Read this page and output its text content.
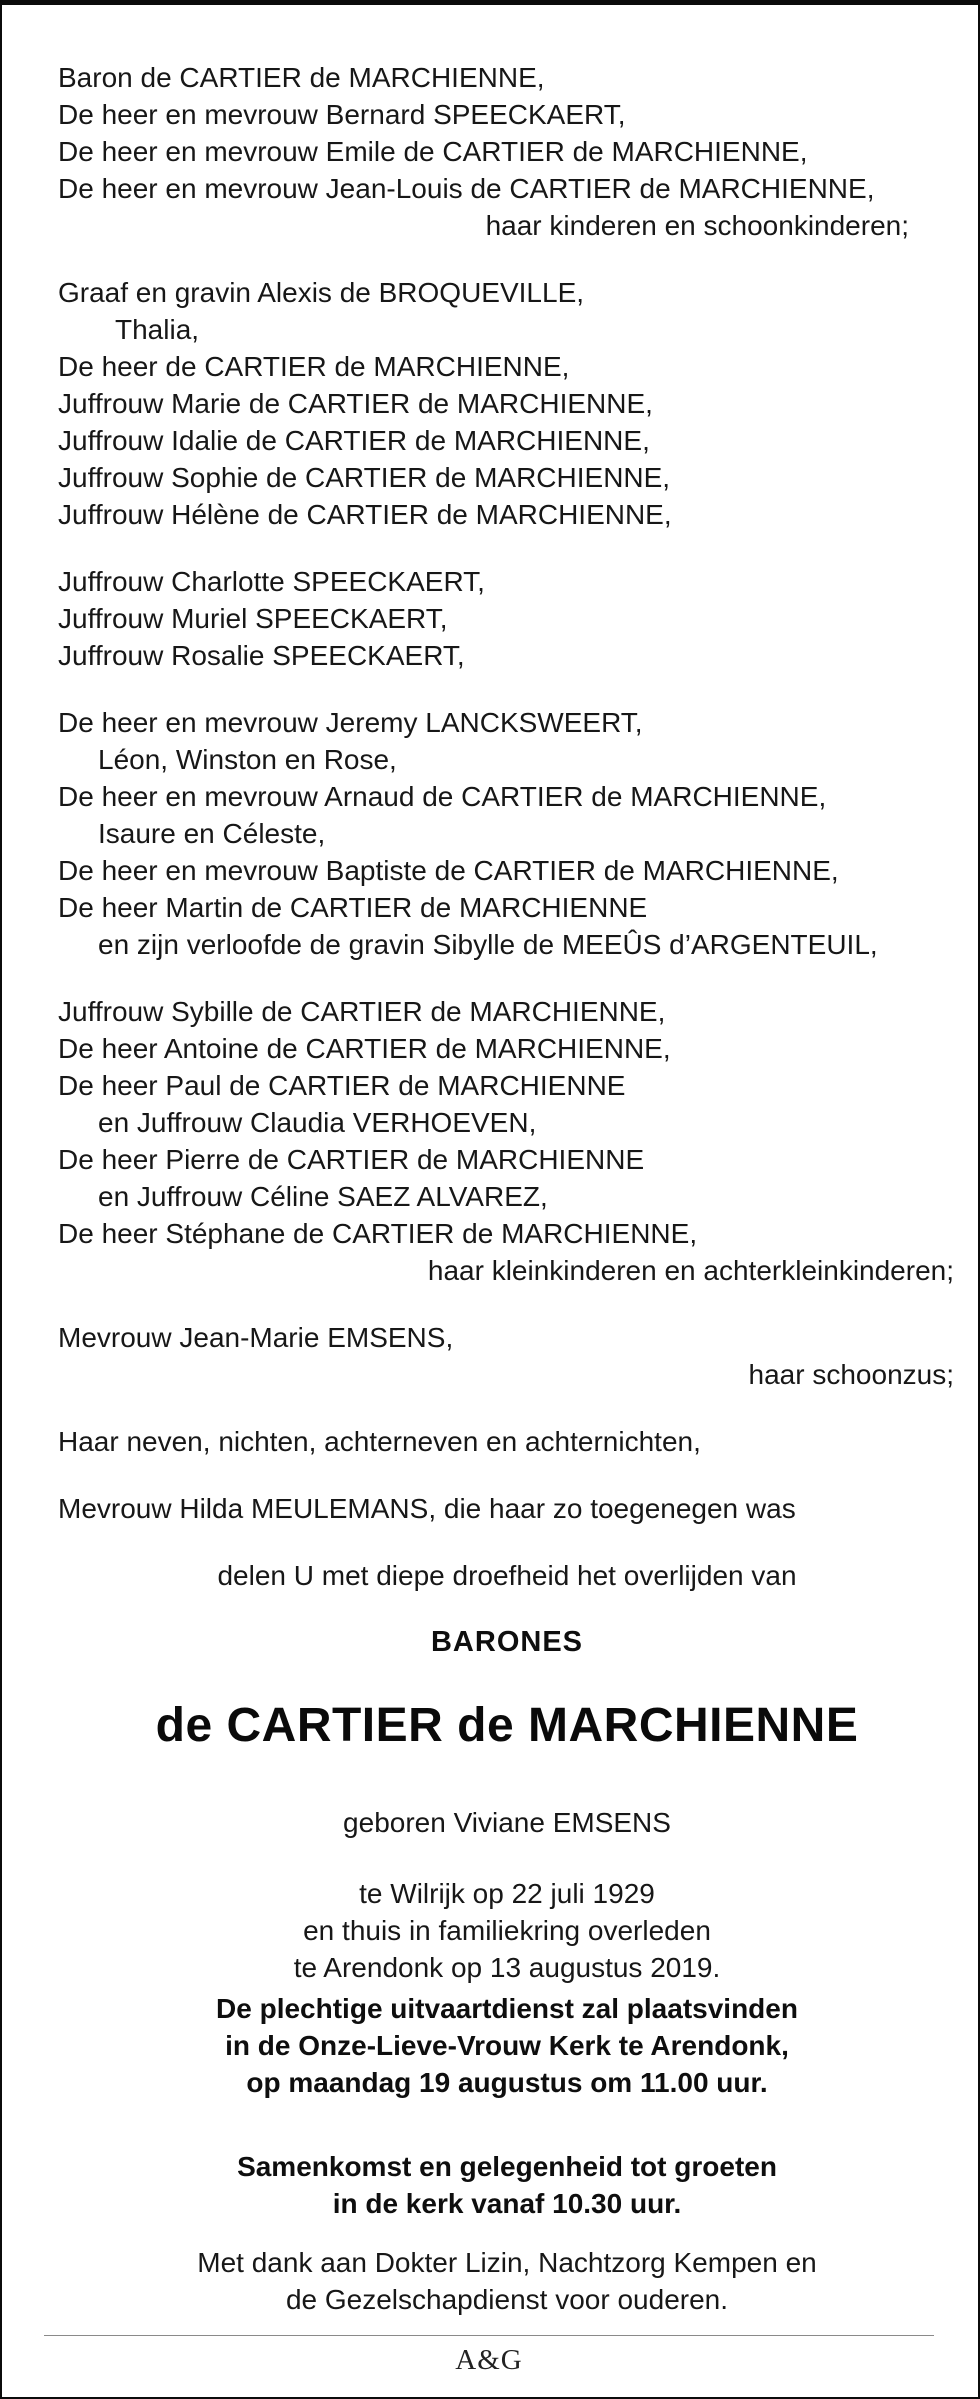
Baron de CARTIER de MARCHIENNE,
De heer en mevrouw Bernard SPEECKAERT,
De heer en mevrouw Emile de CARTIER de MARCHIENNE,
De heer en mevrouw Jean-Louis de CARTIER de MARCHIENNE,
haar kinderen en schoonkinderen;
Graaf en gravin Alexis de BROQUEVILLE,
Thalia,
De heer de CARTIER de MARCHIENNE,
Juffrouw Marie de CARTIER de MARCHIENNE,
Juffrouw Idalie de CARTIER de MARCHIENNE,
Juffrouw Sophie de CARTIER de MARCHIENNE,
Juffrouw Hélène de CARTIER de MARCHIENNE,
Juffrouw Charlotte SPEECKAERT,
Juffrouw Muriel SPEECKAERT,
Juffrouw Rosalie SPEECKAERT,
De heer en mevrouw Jeremy LANCKSWEERT,
Léon, Winston en Rose,
De heer en mevrouw Arnaud de CARTIER de MARCHIENNE,
Isaure en Céleste,
De heer en mevrouw Baptiste de CARTIER de MARCHIENNE,
De heer Martin de CARTIER de MARCHIENNE
en zijn verloofde de gravin Sibylle de MEEÛS d’ARGENTEUIL,
Juffrouw Sybille de CARTIER de MARCHIENNE,
De heer Antoine de CARTIER de MARCHIENNE,
De heer Paul de CARTIER de MARCHIENNE
en Juffrouw Claudia VERHOEVEN,
De heer Pierre de CARTIER de MARCHIENNE
en Juffrouw Céline SAEZ ALVAREZ,
De heer Stéphane de CARTIER de MARCHIENNE,
haar kleinkinderen en achterkleinkinderen;
Mevrouw Jean-Marie EMSENS,
haar schoonzus;
Haar neven, nichten, achterneven en achternichten,
Mevrouw Hilda MEULEMANS, die haar zo toegenegen was
delen U met diepe droefheid het overlijden van
BARONES
de CARTIER de MARCHIENNE
geboren Viviane EMSENS
te Wilrijk op 22 juli 1929
en thuis in familiekring overleden
te Arendonk op 13 augustus 2019.
De plechtige uitvaartdienst zal plaatsvinden
in de Onze-Lieve-Vrouw Kerk te Arendonk,
op maandag 19 augustus om 11.00 uur.
Samenkomst en gelegenheid tot groeten
in de kerk vanaf 10.30 uur.
Met dank aan Dokter Lizin, Nachtzorg Kempen en
de Gezelschapdienst voor ouderen.
A&G
